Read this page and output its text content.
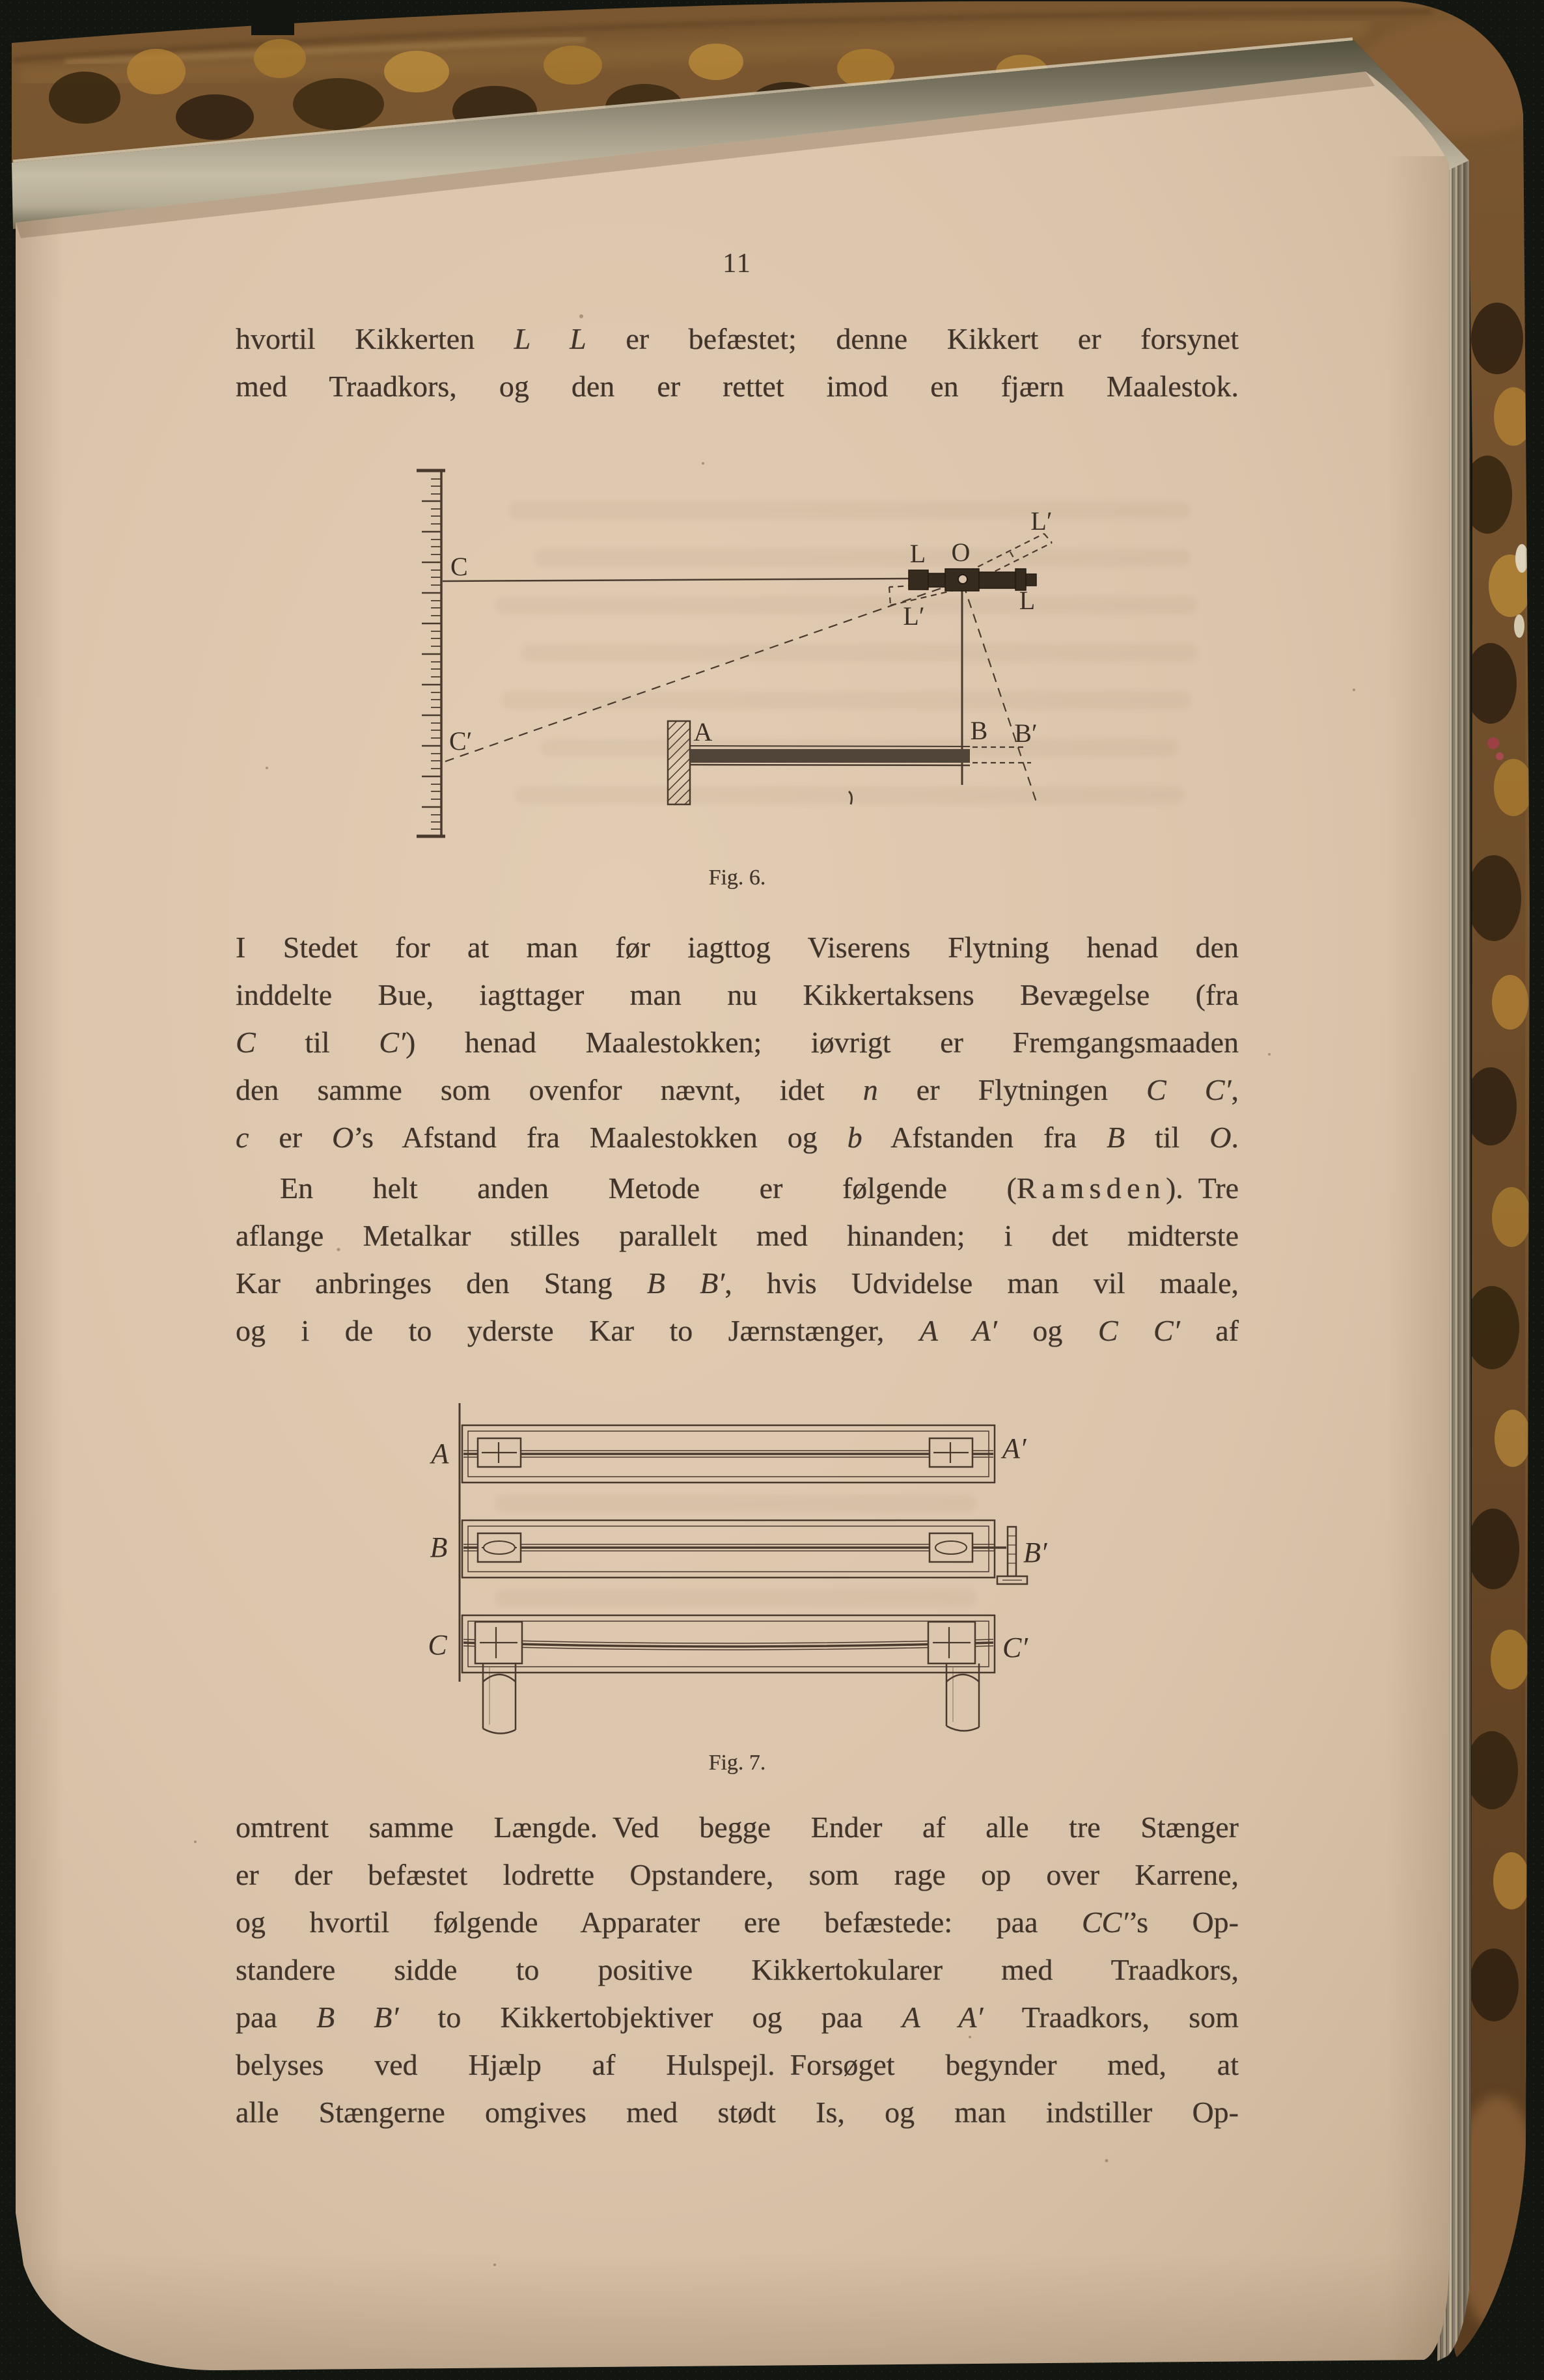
11
hvortil Kikkerten L L er befæstet; denne Kikkert er forsynet
med Traadkors, og den er rettet imod en fjærn Maalestok.
C
C′
L O
L
L′
L′
A	B B′
Fig. 6.
I Stedet for at man før iagttog Viserens Flytning henad den
inddelte Bue, iagttager man nu Kikkertaksens Bevægelse (fra
C til C′) henad Maalestokken; iøvrigt er Fremgangsmaaden
den samme som ovenfor nævnt, idet n er Flytningen C C′,
c er O’s Afstand fra Maalestokken og b Afstanden fra B til O.
En helt anden Metode er følgende (Ramsden). Tre
aflange Metalkar stilles parallelt med hinanden; i det midterste
Kar anbringes den Stang B B′, hvis Udvidelse man vil maale,
og i de to yderste Kar to Jærnstænger, A A′ og C C′ af
A	A′
B	B′
C	C′
Fig. 7.
omtrent samme Længde. Ved begge Ender af alle tre Stænger
er der befæstet lodrette Opstandere, som rage op over Karrene,
og hvortil følgende Apparater ere befæstede: paa CC′’s Op-
standere sidde to positive Kikkertokularer med Traadkors,
paa B B′ to Kikkertobjektiver og paa A A′ Traadkors, som
belyses ved Hjælp af Hulspejl. Forsøget begynder med, at
alle Stængerne omgives med stødt Is, og man indstiller Op-
